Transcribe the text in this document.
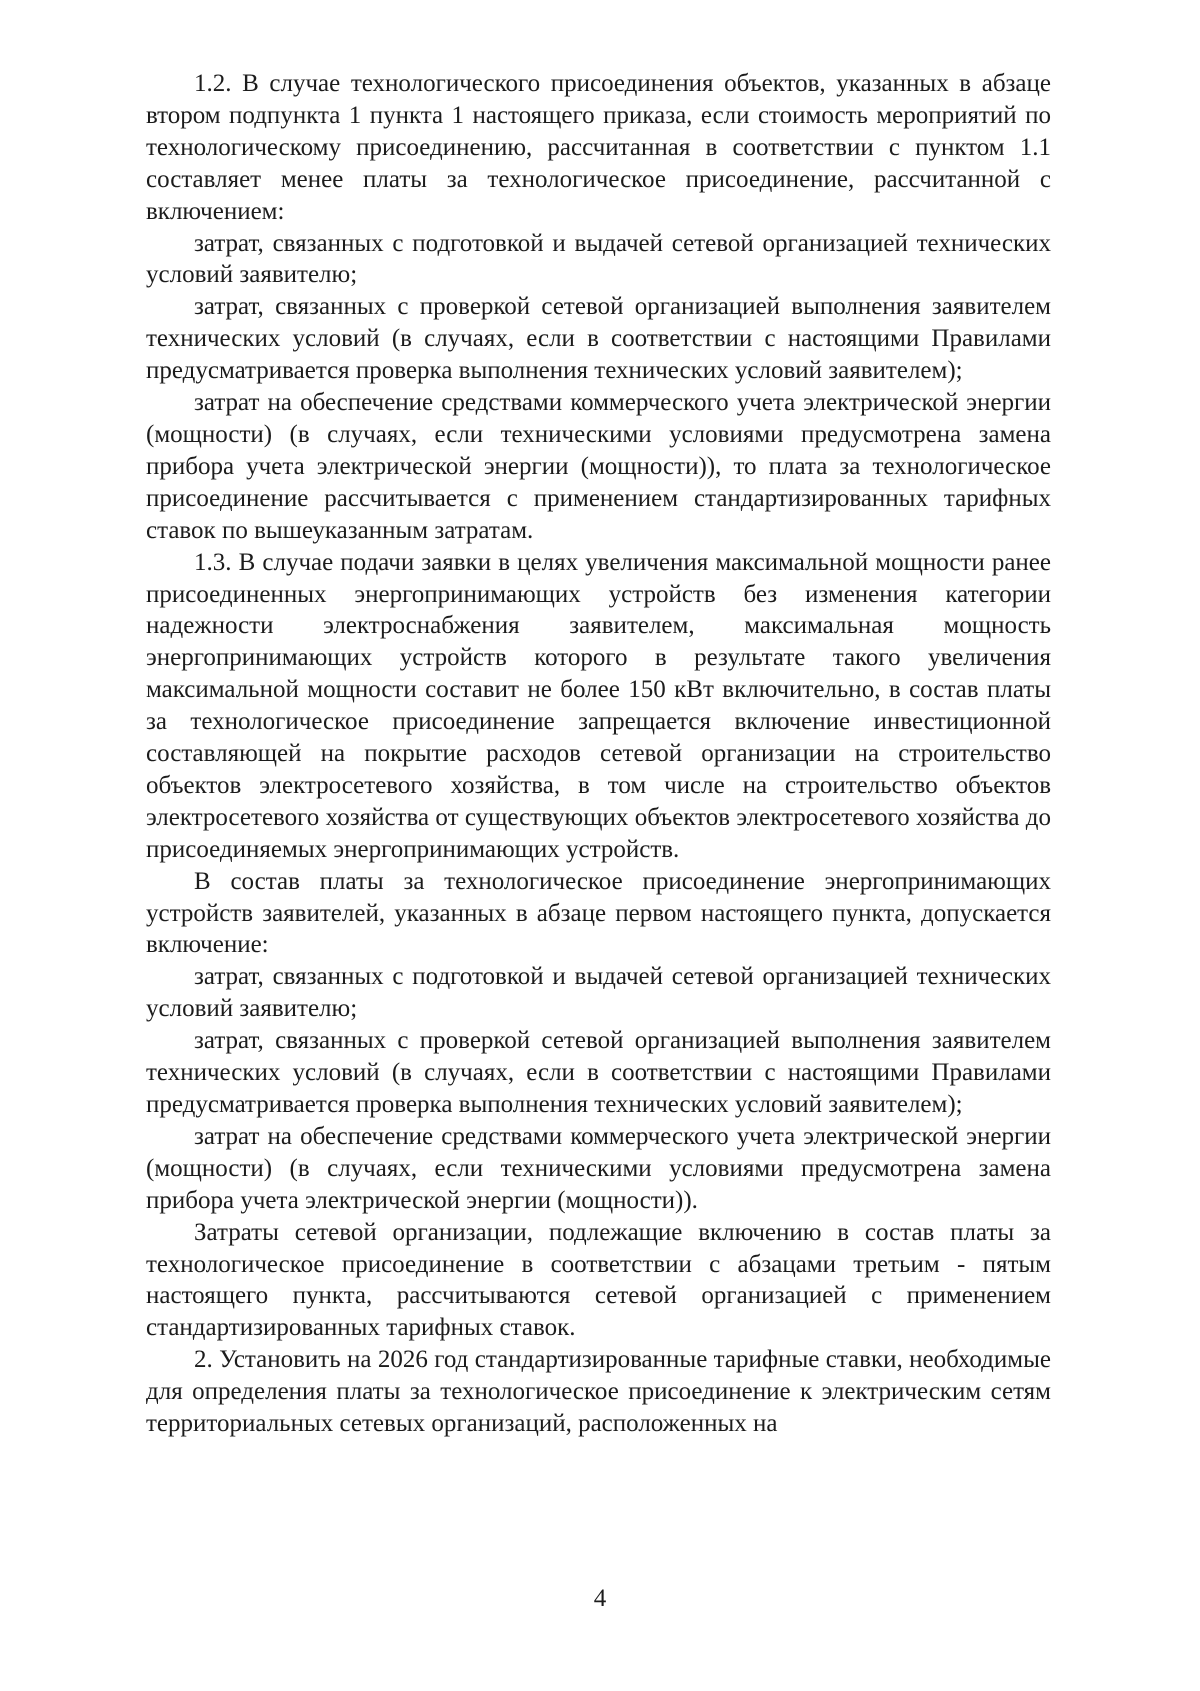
1.2. В случае технологического присоединения объектов, указанных в абзаце втором подпункта 1 пункта 1 настоящего приказа, если стоимость мероприятий по технологическому присоединению, рассчитанная в соответствии с пунктом 1.1 составляет менее платы за технологическое присоединение, рассчитанной с включением:

затрат, связанных с подготовкой и выдачей сетевой организацией технических условий заявителю;

затрат, связанных с проверкой сетевой организацией выполнения заявителем технических условий (в случаях, если в соответствии с настоящими Правилами предусматривается проверка выполнения технических условий заявителем);

затрат на обеспечение средствами коммерческого учета электрической энергии (мощности) (в случаях, если техническими условиями предусмотрена замена прибора учета электрической энергии (мощности)), то плата за технологическое присоединение рассчитывается с применением стандартизированных тарифных ставок по вышеуказанным затратам.

1.3. В случае подачи заявки в целях увеличения максимальной мощности ранее присоединенных энергопринимающих устройств без изменения категории надежности электроснабжения заявителем, максимальная мощность энергопринимающих устройств которого в результате такого увеличения максимальной мощности составит не более 150 кВт включительно, в состав платы за технологическое присоединение запрещается включение инвестиционной составляющей на покрытие расходов сетевой организации на строительство объектов электросетевого хозяйства, в том числе на строительство объектов электросетевого хозяйства от существующих объектов электросетевого хозяйства до присоединяемых энергопринимающих устройств.

В состав платы за технологическое присоединение энергопринимающих устройств заявителей, указанных в абзаце первом настоящего пункта, допускается включение:

затрат, связанных с подготовкой и выдачей сетевой организацией технических условий заявителю;

затрат, связанных с проверкой сетевой организацией выполнения заявителем технических условий (в случаях, если в соответствии с настоящими Правилами предусматривается проверка выполнения технических условий заявителем);

затрат на обеспечение средствами коммерческого учета электрической энергии (мощности) (в случаях, если техническими условиями предусмотрена замена прибора учета электрической энергии (мощности)).

Затраты сетевой организации, подлежащие включению в состав платы за технологическое присоединение в соответствии с абзацами третьим - пятым настоящего пункта, рассчитываются сетевой организацией с применением стандартизированных тарифных ставок.

2. Установить на 2026 год стандартизированные тарифные ставки, необходимые для определения платы за технологическое присоединение к электрическим сетям территориальных сетевых организаций, расположенных на

4
